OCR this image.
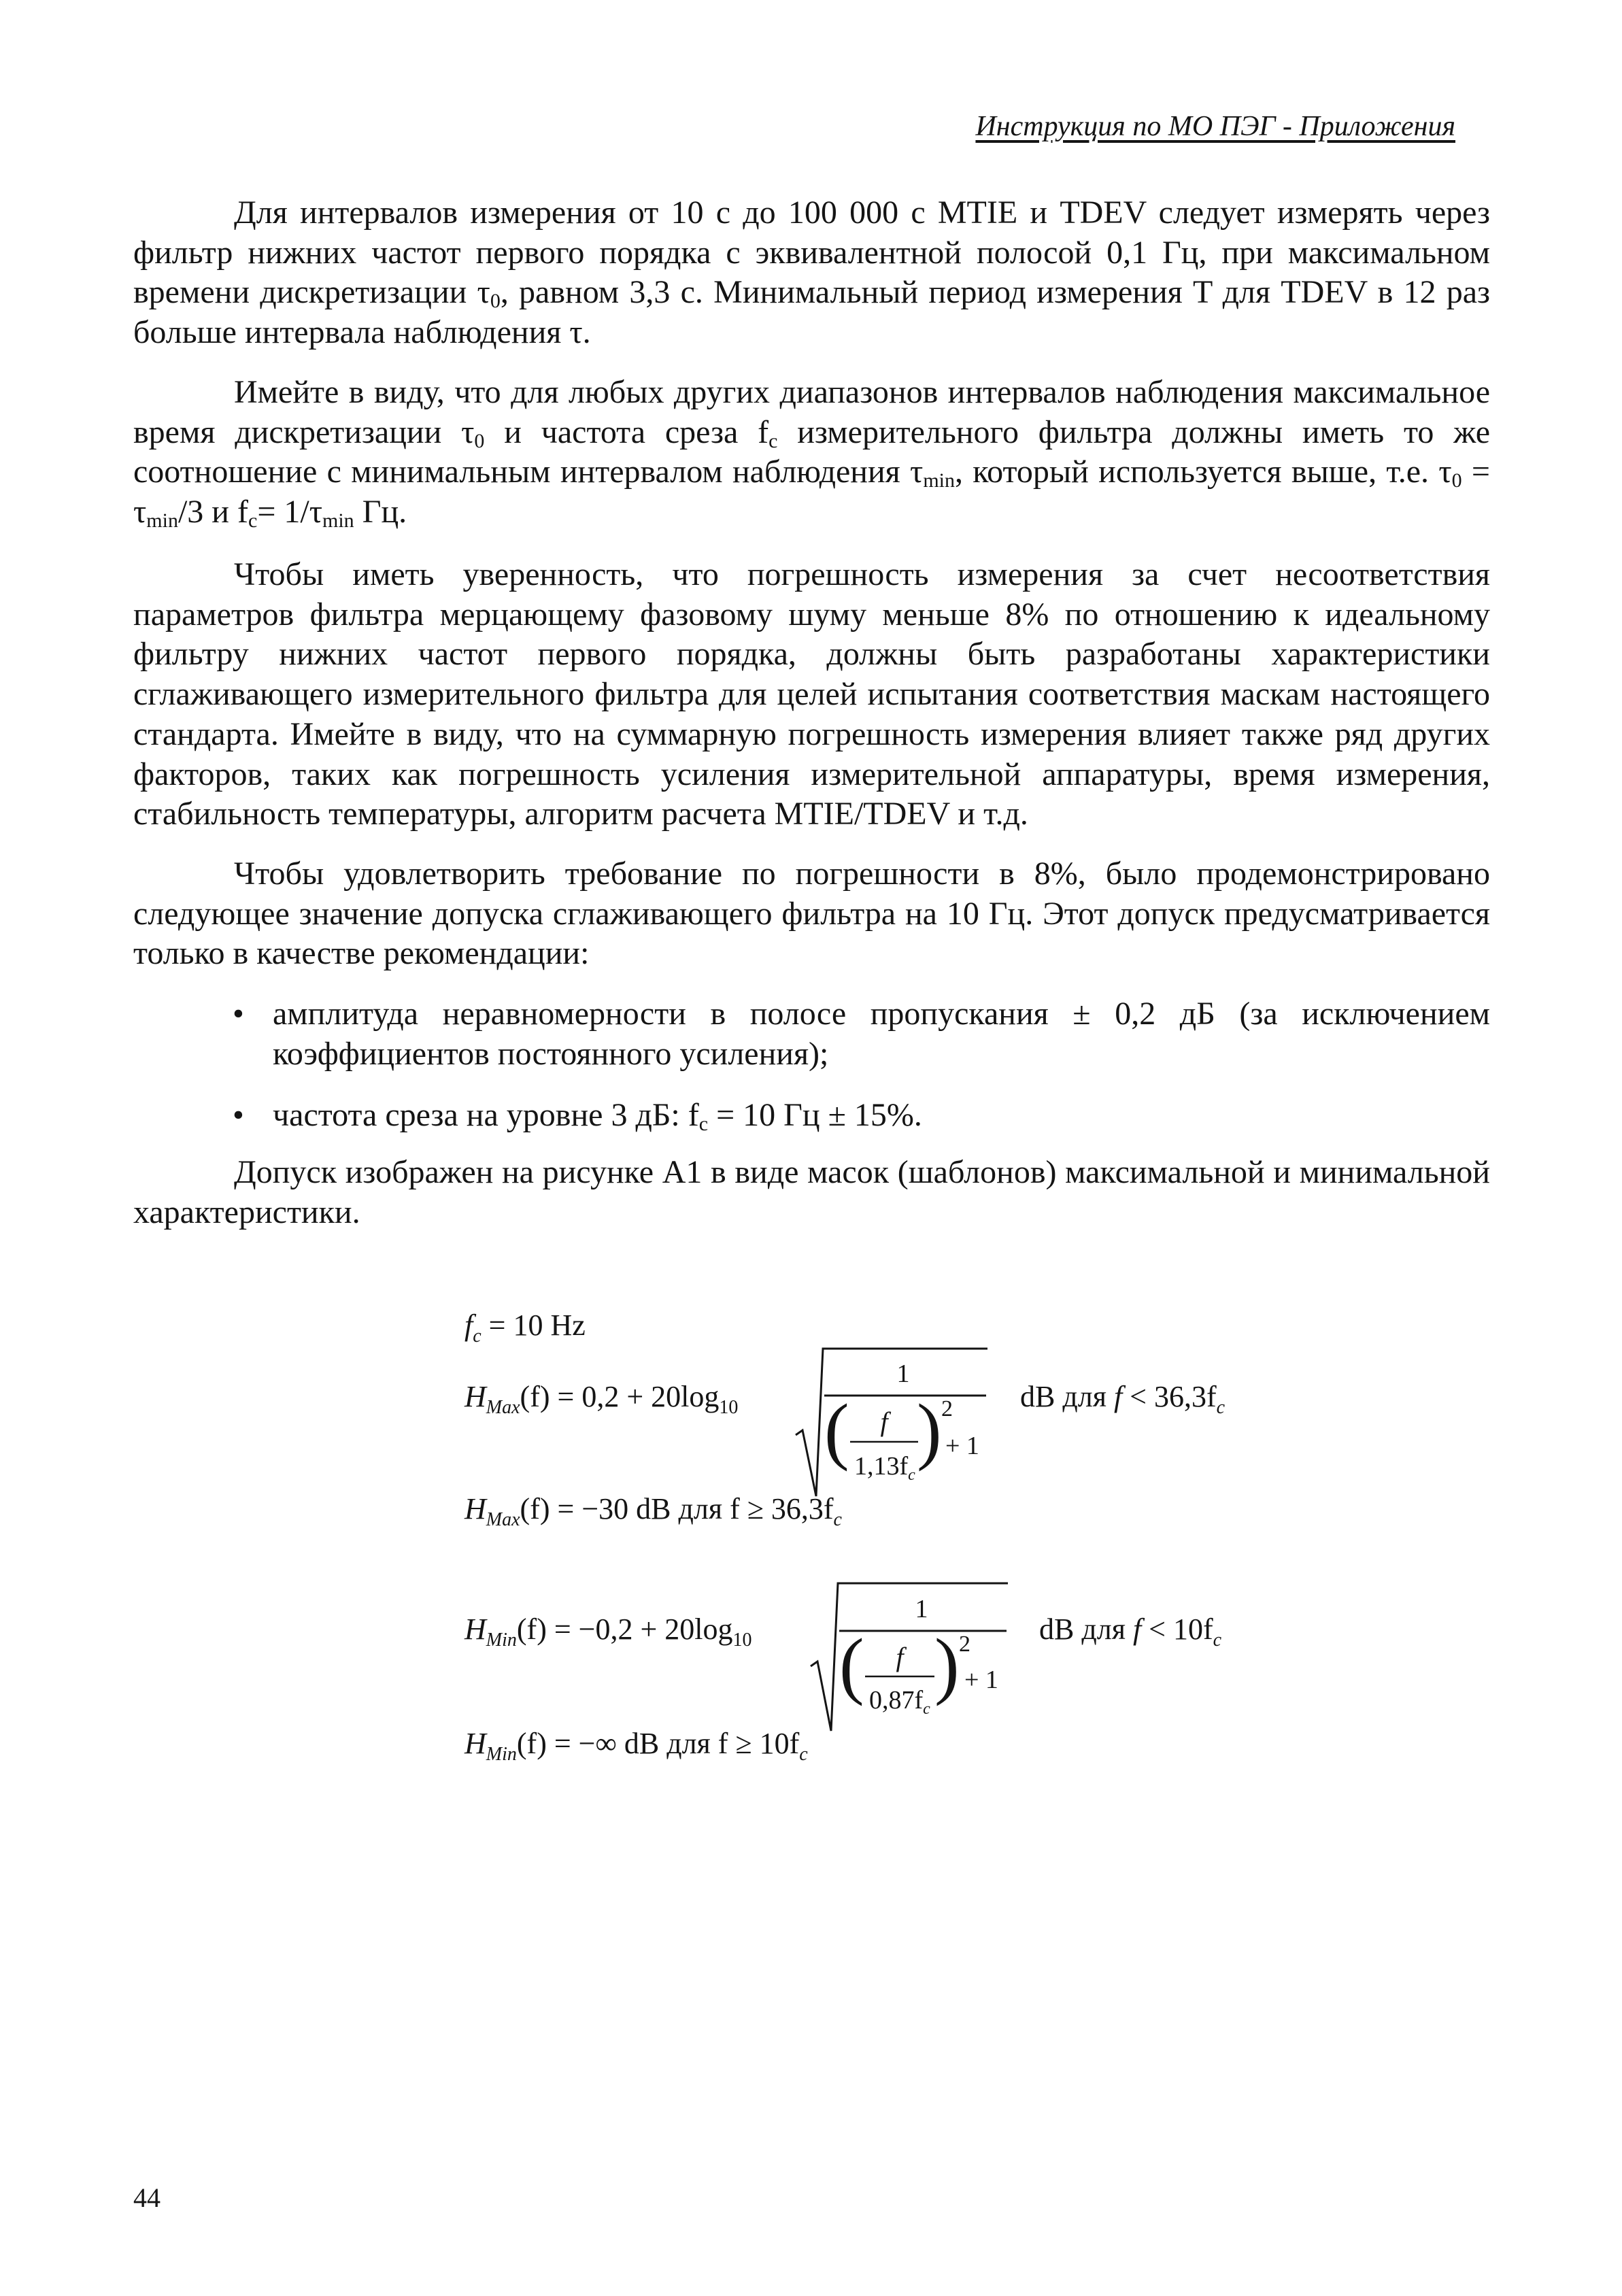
Инструкция по МО ПЭГ - Приложения

Для интервалов измерения от 10 с до 100 000 с MTIE и TDEV следует измерять через фильтр нижних частот первого порядка с эквивалентной полосой 0,1 Гц, при максимальном времени дискретизации $\tau_0$, равном 3,3 с. Минимальный период измерения T для TDEV в 12 раз больше интервала наблюдения τ.

Имейте в виду, что для любых других диапазонов интервалов наблюдения максимальное время дискретизации $\tau_0$ и частота среза $f_c$ измерительного фильтра должны иметь то же соотношение с минимальным интервалом наблюдения $\tau_{min}$, который используется выше, т.е. $\tau_0 = \tau_{min}/3$ и $f_c= 1/\tau_{min}$ Гц.

Чтобы иметь уверенность, что погрешность измерения за счет несоответствия параметров фильтра мерцающему фазовому шуму меньше 8% по отношению к идеальному фильтру нижних частот первого порядка, должны быть разработаны характеристики сглаживающего измерительного фильтра для целей испытания соответствия маскам настоящего стандарта. Имейте в виду, что на суммарную погрешность измерения влияет также ряд других факторов, таких как погрешность усиления измерительной аппаратуры, время измерения, стабильность температуры, алгоритм расчета MTIE/TDEV и т.д.

Чтобы удовлетворить требование по погрешности в 8%, было продемонстрировано следующее значение допуска сглаживающего фильтра на 10 Гц. Этот допуск предусматривается только в качестве рекомендации:

• амплитуда неравномерности в полосе пропускания ± 0,2 дБ (за исключением коэффициентов постоянного усиления);
• частота среза на уровне 3 дБ: $f_c = 10$ Гц ± 15%.

Допуск изображен на рисунке A1 в виде масок (шаблонов) максимальной и минимальной характеристики.

$f_c = 10$ Hz
$H_{Max}(f) = 0,2 + 20\log_{10}$
1
( )
f
$1,13f_c$
2
+ 1
dB для $f < 36,3f_c$
$H_{Max}(f) = -30$ dB для $f \ge 36,3f_c$
$H_{Min}(f) = -0,2 + 20\log_{10}$
1
( )
f
$0,87f_c$
2
+ 1
dB для $f < 10f_c$
$H_{Min}(f)$ = −∞ dB для $f \ge 10f_c$
44
